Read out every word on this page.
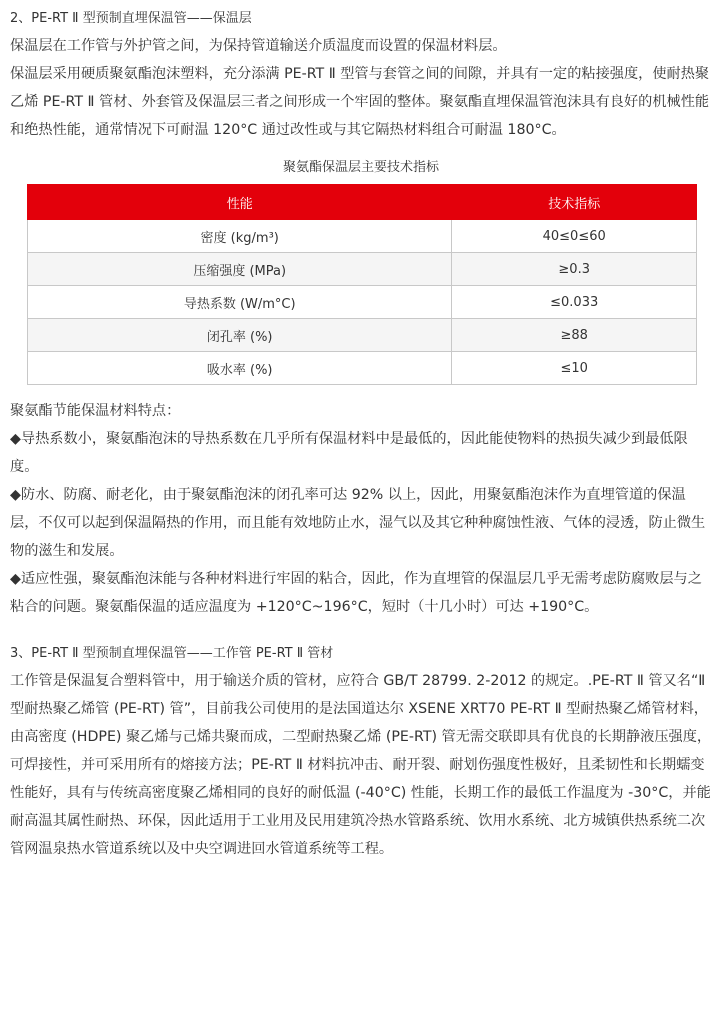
2、PE-RT Ⅱ 型预制直埋保温管——保温层

保温层在工作管与外护管之间，为保持管道输送介质温度而设置的保温材料层。

保温层采用硬质聚氨酯泡沫塑料，充分添满 PE-RT Ⅱ 型管与套管之间的间隙，并具有一定的粘接强度，使耐热聚乙烯 PE-RT Ⅱ 管材、外套管及保温层三者之间形成一个牢固的整体。聚氨酯直埋保温管泡沫具有良好的机械性能和绝热性能，通常情况下可耐温 120°C 通过改性或与其它隔热材料组合可耐温 180°C。

聚氨酯保温层主要技术指标
性能	技术指标
密度 (kg/m³)	40≤0≤60
压缩强度 (MPa)	≥0.3
导热系数 (W/m°C)	≤0.033
闭孔率 (%)	≥88
吸水率 (%)	≤10

聚氨酯节能保温材料特点：

◆导热系数小，聚氨酯泡沫的导热系数在几乎所有保温材料中是最低的，因此能使物料的热损失减少到最低限度。

◆防水、防腐、耐老化，由于聚氨酯泡沫的闭孔率可达 92% 以上，因此，用聚氨酯泡沫作为直埋管道的保温层，不仅可以起到保温隔热的作用，而且能有效地防止水，湿气以及其它种种腐蚀性液、气体的浸透，防止微生物的滋生和发展。

◆适应性强，聚氨酯泡沫能与各种材料进行牢固的粘合，因此，作为直埋管的保温层几乎无需考虑防腐败层与之粘合的问题。聚氨酯保温的适应温度为 +120°C~196°C，短时（十几小时）可达 +190°C。

3、PE-RT Ⅱ 型预制直埋保温管——工作管 PE-RT Ⅱ 管材

工作管是保温复合塑料管中，用于输送介质的管材，应符合 GB/T 28799. 2-2012 的规定。.PE-RT Ⅱ 管又名“Ⅱ 型耐热聚乙烯管 (PE-RT) 管”，目前我公司使用的是法国道达尔 XSENE XRT70 PE-RT Ⅱ 型耐热聚乙烯管材料，由高密度 (HDPE) 聚乙烯与己烯共聚而成，二型耐热聚乙烯 (PE-RT) 管无需交联即具有优良的长期静液压强度，可焊接性，并可采用所有的熔接方法；PE-RT Ⅱ 材料抗冲击、耐开裂、耐划伤强度性极好，且柔韧性和长期蠕变性能好，具有与传统高密度聚乙烯相同的良好的耐低温 (-40°C) 性能，长期工作的最低工作温度为 -30°C，并能耐高温其属性耐热、环保，因此适用于工业用及民用建筑冷热水管路系统、饮用水系统、北方城镇供热系统二次管网温泉热水管道系统以及中央空调进回水管道系统等工程。
